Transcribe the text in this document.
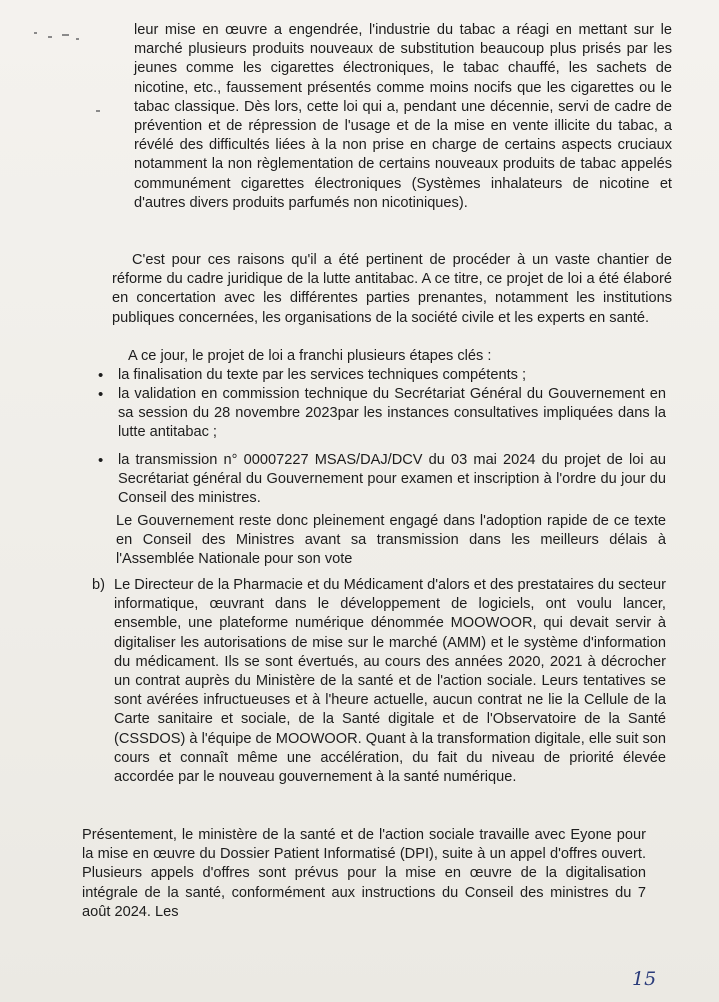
leur mise en œuvre a engendrée, l'industrie du tabac a réagi en mettant sur le marché plusieurs produits nouveaux de substitution beaucoup plus prisés par les jeunes comme les cigarettes électroniques, le tabac chauffé, les sachets de nicotine, etc., faussement présentés comme moins nocifs que les cigarettes ou le tabac classique. Dès lors, cette loi qui a, pendant une décennie, servi de cadre de prévention et de répression de l'usage et de la mise en vente illicite du tabac, a révélé des difficultés liées à la non prise en charge de certains aspects cruciaux notamment la non règlementation de certains nouveaux produits de tabac appelés communément cigarettes électroniques (Systèmes inhalateurs de nicotine et d'autres divers produits parfumés non nicotiniques).

C'est pour ces raisons qu'il a été pertinent de procéder à un vaste chantier de réforme du cadre juridique de la lutte antitabac. A ce titre, ce projet de loi a été élaboré en concertation avec les différentes parties prenantes, notamment les institutions publiques concernées, les organisations de la société civile et les experts en santé.

A ce jour, le projet de loi a franchi plusieurs étapes clés :

• la finalisation du texte par les services techniques compétents ;

• la validation en commission technique du Secrétariat Général du Gouvernement en sa session du 28 novembre 2023par les instances consultatives impliquées dans la lutte antitabac ;

• la transmission n° 00007227 MSAS/DAJ/DCV du 03 mai 2024 du projet de loi au Secrétariat général du Gouvernement pour examen et inscription à l'ordre du jour du Conseil des ministres.

Le Gouvernement reste donc pleinement engagé dans l'adoption rapide de ce texte en Conseil des Ministres avant sa transmission dans les meilleurs délais à l'Assemblée Nationale pour son vote

b) Le Directeur de la Pharmacie et du Médicament d'alors et des prestataires du secteur informatique, œuvrant dans le développement de logiciels, ont voulu lancer, ensemble, une plateforme numérique dénommée MOOWOOR, qui devait servir à digitaliser les autorisations de mise sur le marché (AMM) et le système d'information du médicament. Ils se sont évertués, au cours des années 2020, 2021 à décrocher un contrat auprès du Ministère de la santé et de l'action sociale. Leurs tentatives se sont avérées infructueuses et à l'heure actuelle, aucun contrat ne lie la Cellule de la Carte sanitaire et sociale, de la Santé digitale et de l'Observatoire de la Santé (CSSDOS) à l'équipe de MOOWOOR. Quant à la transformation digitale, elle suit son cours et connaît même une accélération, du fait du niveau de priorité élevée accordée par le nouveau gouvernement à la santé numérique.

Présentement, le ministère de la santé et de l'action sociale travaille avec Eyone pour la mise en œuvre du Dossier Patient Informatisé (DPI), suite à un appel d'offres ouvert. Plusieurs appels d'offres sont prévus pour la mise en œuvre de la digitalisation intégrale de la santé, conformément aux instructions du Conseil des ministres du 7 août 2024. Les

15
